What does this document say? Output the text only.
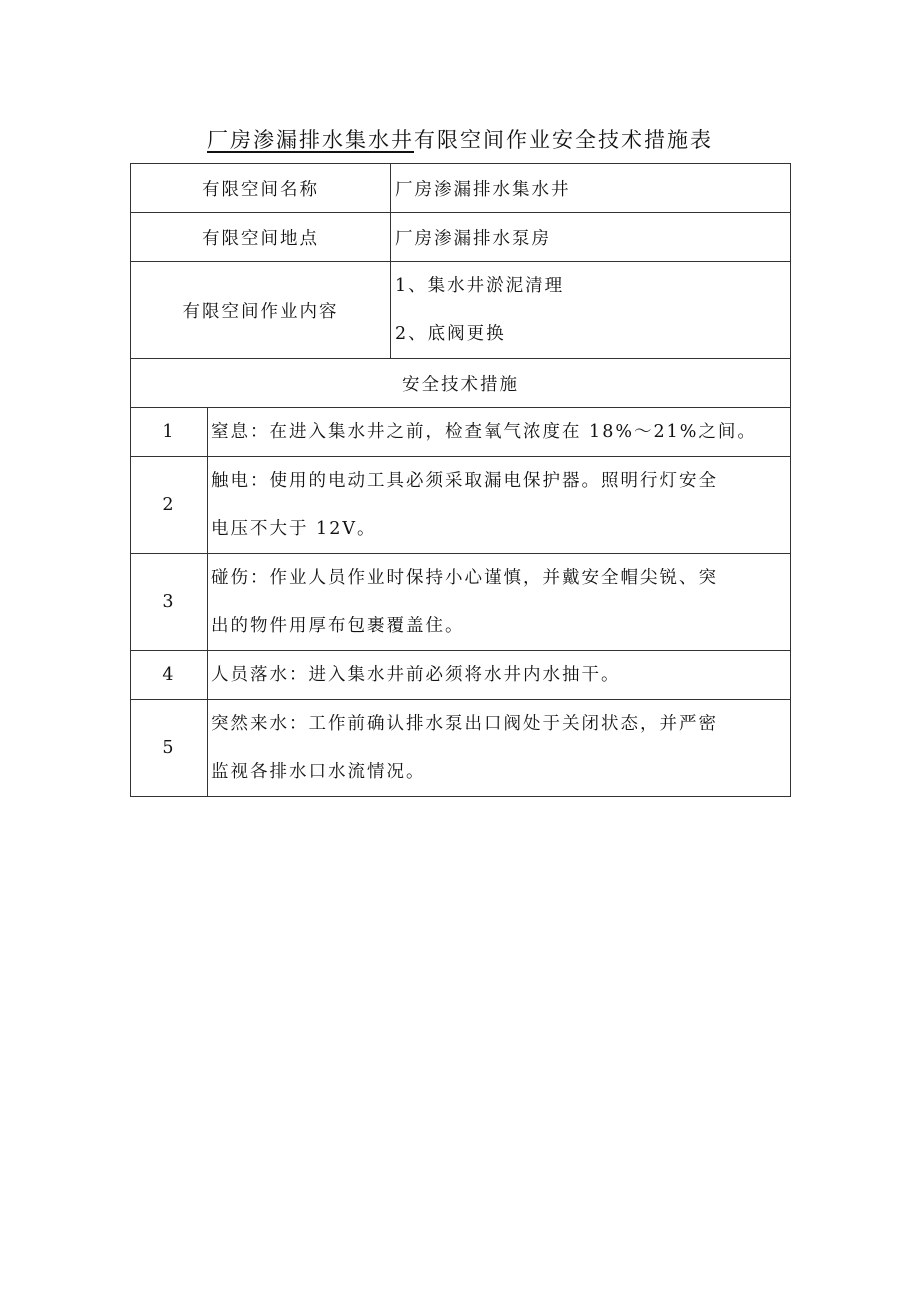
厂房渗漏排水集水井有限空间作业安全技术措施表
有限空间名称		厂房渗漏排水集水井
有限空间地点		厂房渗漏排水泵房
有限空间作业内容		1、集水井淤泥清理
2、底阀更换

安全技术措施		
1	窒息：在进入集水井之前，检查氧气浓度在 18%～21%之间。	

2	触电：使用的电动工具必须采取漏电保护器。照明行灯安全
电压不大于 12V。	

3	碰伤：作业人员作业时保持小心谨慎，并戴安全帽尖锐、突
出的物件用厚布包裹覆盖住。	

4	人员落水：进入集水井前必须将水井内水抽干。	

5	突然来水：工作前确认排水泵出口阀处于关闭状态，并严密
监视各排水口水流情况。	
